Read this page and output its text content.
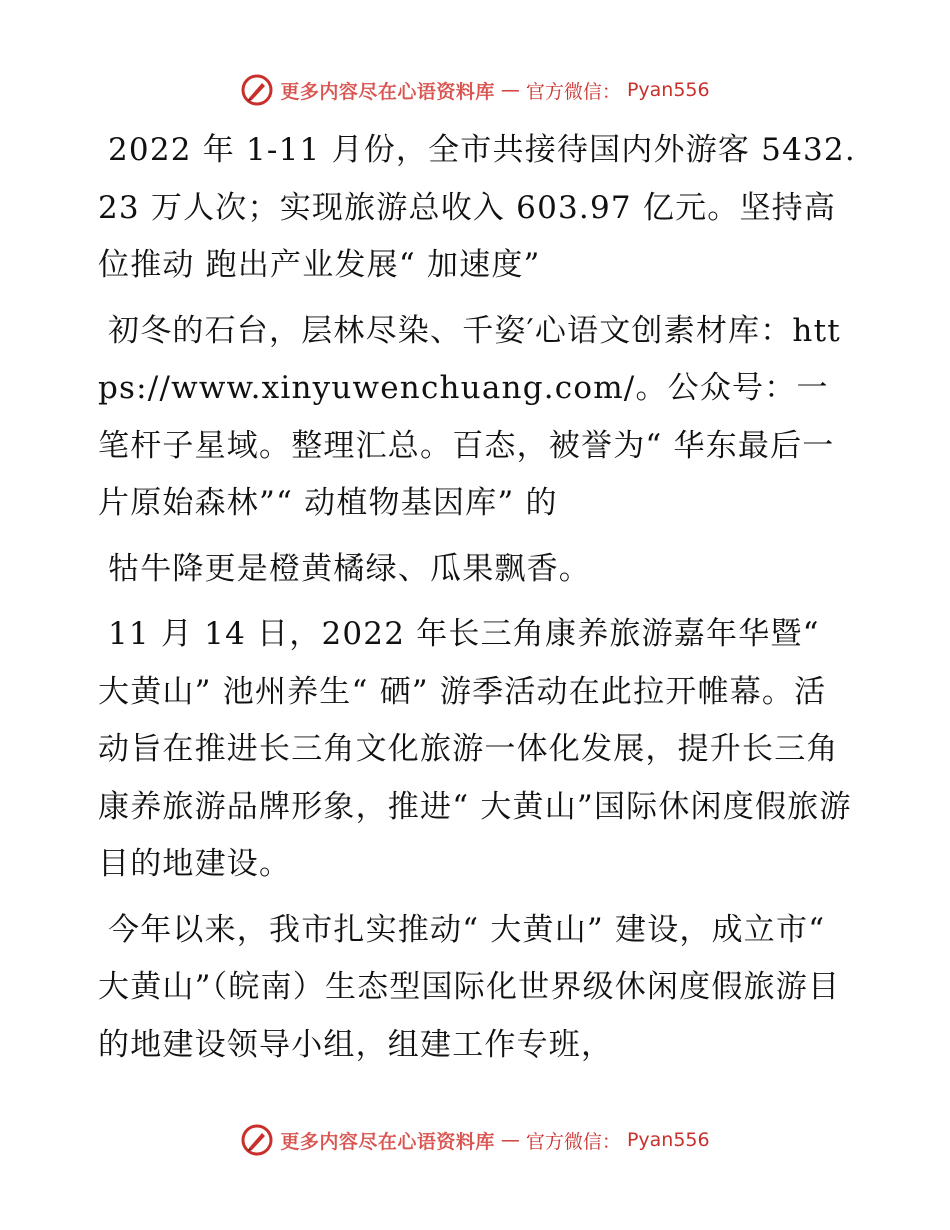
更多内容尽在心语资料库 — 官方微信： Pyan556

2022 年 1-11 月份，全市共接待国内外游客 5432.23 万人次；实现旅游总收入 603.97 亿元。坚持高位推动 跑出产业发展“ 加速度”

初冬的石台，层林尽染、千姿′心语文创素材库：https://www.xinyuwenchuang.com/。公众号：一笔杆子星域。整理汇总。百态，被誉为“ 华东最后一片原始森林”“ 动植物基因库” 的

牯牛降更是橙黄橘绿、瓜果飘香。

11 月 14 日，2022 年长三角康养旅游嘉年华暨“ 大黄山” 池州养生“ 硒” 游季活动在此拉开帷幕。活动旨在推进长三角文化旅游一体化发展，提升长三角康养旅游品牌形象，推进“ 大黄山”国际休闲度假旅游目的地建设。

今年以来，我市扎实推动“ 大黄山” 建设，成立市“ 大黄山”（皖南）生态型国际化世界级休闲度假旅游目的地建设领导小组，组建工作专班，

更多内容尽在心语资料库 — 官方微信： Pyan556
